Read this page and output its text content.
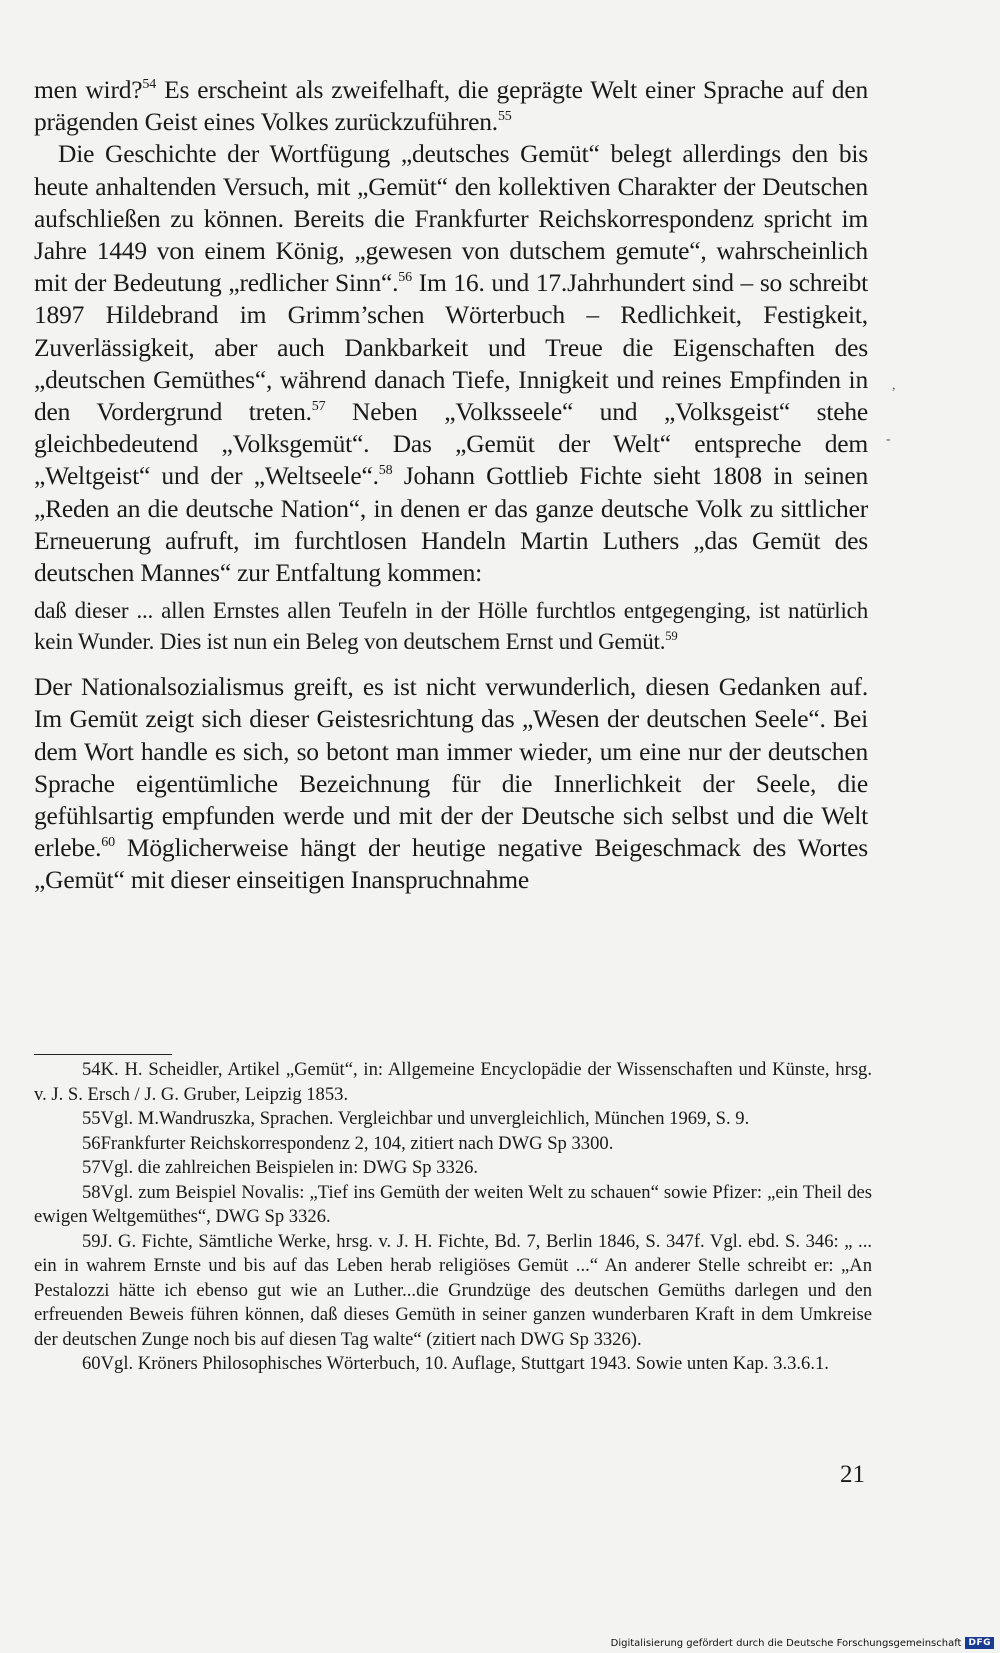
men wird?$^{54}$ Es erscheint als zweifelhaft, die geprägte Welt einer Sprache auf den prägenden Geist eines Volkes zurückzuführen.$^{55}$

Die Geschichte der Wortfügung „deutsches Gemüt“ belegt allerdings den bis heute anhaltenden Versuch, mit „Gemüt“ den kollektiven Charakter der Deutschen aufschließen zu können. Bereits die Frankfurter Reichskorrespondenz spricht im Jahre 1449 von einem König, „gewesen von dutschem gemute“, wahrscheinlich mit der Bedeutung „redlicher Sinn“.$^{56}$ Im 16. und 17.Jahrhundert sind – so schreibt 1897 Hildebrand im Grimm’schen Wörterbuch – Redlichkeit, Festigkeit, Zuverlässigkeit, aber auch Dankbarkeit und Treue die Eigenschaften des „deutschen Gemüthes“, während danach Tiefe, Innigkeit und reines Empfinden in den Vordergrund treten.$^{57}$ Neben „Volksseele“ und „Volksgeist“ stehe gleichbedeutend „Volksgemüt“. Das „Gemüt der Welt“ entspreche dem „Weltgeist“ und der „Weltseele“.$^{58}$ Johann Gottlieb Fichte sieht 1808 in seinen „Reden an die deutsche Nation“, in denen er das ganze deutsche Volk zu sittlicher Erneuerung aufruft, im furchtlosen Handeln Martin Luthers „das Gemüt des deutschen Mannes“ zur Entfaltung kommen:

daß dieser ... allen Ernstes allen Teufeln in der Hölle furchtlos entgegenging, ist natürlich kein Wunder. Dies ist nun ein Beleg von deutschem Ernst und Gemüt.$^{59}$

Der Nationalsozialismus greift, es ist nicht verwunderlich, diesen Gedanken auf. Im Gemüt zeigt sich dieser Geistesrichtung das „Wesen der deutschen Seele“. Bei dem Wort handle es sich, so betont man immer wieder, um eine nur der deutschen Sprache eigentümliche Bezeichnung für die Innerlichkeit der Seele, die gefühlsartig empfunden werde und mit der der Deutsche sich selbst und die Welt erlebe.$^{60}$ Möglicherweise hängt der heutige negative Beigeschmack des Wortes „Gemüt“ mit dieser einseitigen Inanspruchnahme

,
-

54K. H. Scheidler, Artikel „Gemüt“, in: Allgemeine Encyclopädie der Wissenschaften und Künste, hrsg. v. J. S. Ersch / J. G. Gruber, Leipzig 1853.

55Vgl. M.Wandruszka, Sprachen. Vergleichbar und unvergleichlich, München 1969, S. 9.

56Frankfurter Reichskorrespondenz 2, 104, zitiert nach DWG Sp 3300.

57Vgl. die zahlreichen Beispielen in: DWG Sp 3326.

58Vgl. zum Beispiel Novalis: „Tief ins Gemüth der weiten Welt zu schauen“ sowie Pfizer: „ein Theil des ewigen Weltgemüthes“, DWG Sp 3326.

59J. G. Fichte, Sämtliche Werke, hrsg. v. J. H. Fichte, Bd. 7, Berlin 1846, S. 347f. Vgl. ebd. S. 346: „ ... ein in wahrem Ernste und bis auf das Leben herab religiöses Gemüt ...“ An anderer Stelle schreibt er: „An Pestalozzi hätte ich ebenso gut wie an Luther...die Grundzüge des deutschen Gemüths darlegen und den erfreuenden Beweis führen können, daß dieses Gemüth in seiner ganzen wunderbaren Kraft in dem Umkreise der deutschen Zunge noch bis auf diesen Tag walte“ (zitiert nach DWG Sp 3326).

60Vgl. Kröners Philosophisches Wörterbuch, 10. Auflage, Stuttgart 1943. Sowie unten Kap. 3.3.6.1.

21
Digitalisierung gefördert durch die Deutsche Forschungsgemeinschaft DFG
